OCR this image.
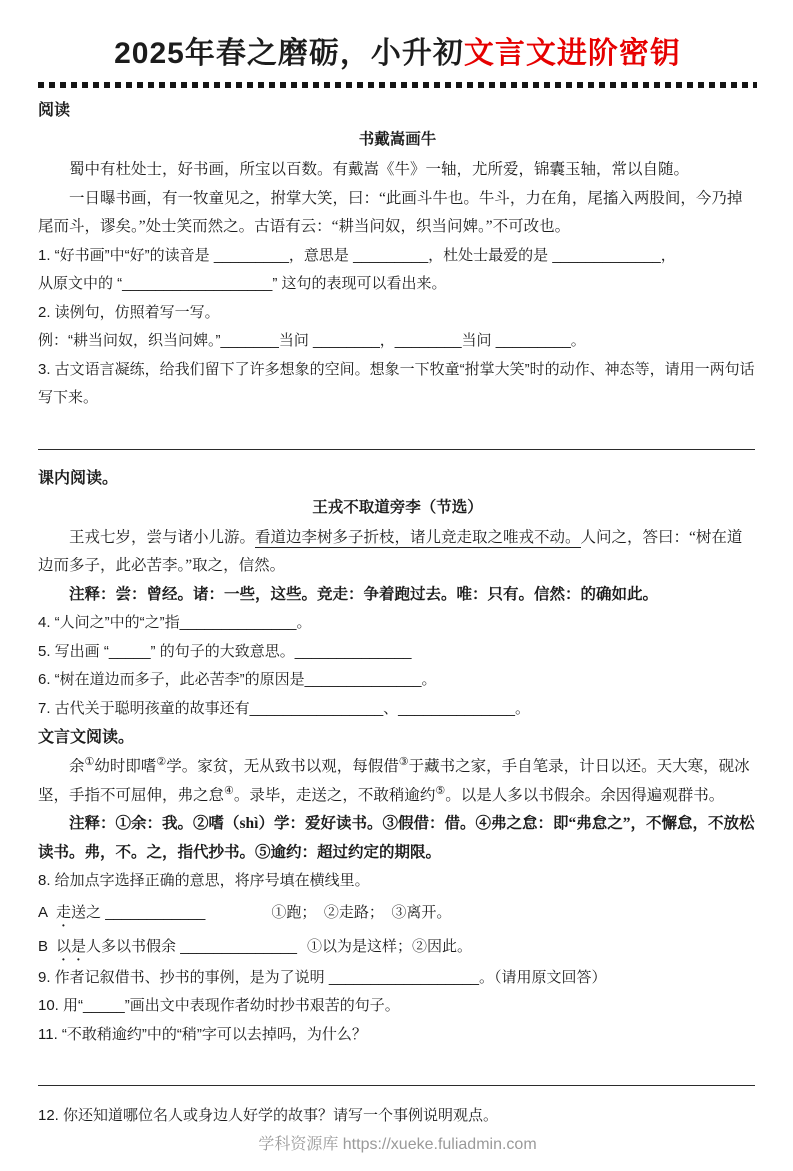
2025年春之磨砺，小升初文言文进阶密钥
阅读
书戴嵩画牛

蜀中有杜处士，好书画，所宝以百数。有戴嵩《牛》一轴，尤所爱，锦囊玉轴，常以自随。

一日曝书画，有一牧童见之，拊掌大笑，曰：“此画斗牛也。牛斗，力在角，尾搐入两股间，今乃掉尾而斗，谬矣。”处士笑而然之。古语有云：“耕当问奴，织当问婢。”不可改也。

1. “好书画”中“好”的读音是 _________，意思是 _________，杜处士最爱的是 _____________，
从原文中的 “__________________” 这句的表现可以看出来。
2. 读例句，仿照着写一写。
例：“耕当问奴，织当问婢。”_______当问 ________，________当问 _________。
3. 古文语言凝练，给我们留下了许多想象的空间。想象一下牧童“拊掌大笑”时的动作、神态等，请用一两句话写下来。
课内阅读。
王戎不取道旁李（节选）

王戎七岁，尝与诸小儿游。看道边李树多子折枝，诸儿竞走取之唯戎不动。人问之，答曰：“树在道边而多子，此必苦李。”取之，信然。

注释：尝：曾经。诸：一些，这些。竞走：争着跑过去。唯：只有。信然：的确如此。

4. “人问之”中的“之”指______________。
5. 写出画 “_____” 的句子的大致意思。______________
6. “树在道边而多子，此必苦李”的原因是______________。
7. 古代关于聪明孩童的故事还有________________、______________。
文言文阅读。

余①幼时即嗜②学。家贫，无从致书以观，每假借③于藏书之家，手自笔录，计日以还。天大寒，砚冰坚，手指不可屈伸，弗之怠④。录毕，走送之，不敢稍逾约⑤。以是人多以书假余。余因得遍观群书。

注释：①余：我。②嗜（shì）学：爱好读书。③假借：借。④弗之怠：即“弗怠之”，不懈怠，不放松读书。弗，不。之，指代抄书。⑤逾约：超过约定的期限。

8. 给加点字选择正确的意思，将序号填在横线里。
A 走送之 ____________	①跑；　②走路；　③离开。
B 以是人多以书假余 ______________ ①以为是这样；②因此。
9. 作者记叙借书、抄书的事例，是为了说明 __________________。（请用原文回答）
10. 用“_____”画出文中表现作者幼时抄书艰苦的句子。
11. “不敢稍逾约”中的“稍”字可以去掉吗，为什么？
12. 你还知道哪位名人或身边人好学的故事？请写一个事例说明观点。
学科资源库 https://xueke.fuliadmin.com
